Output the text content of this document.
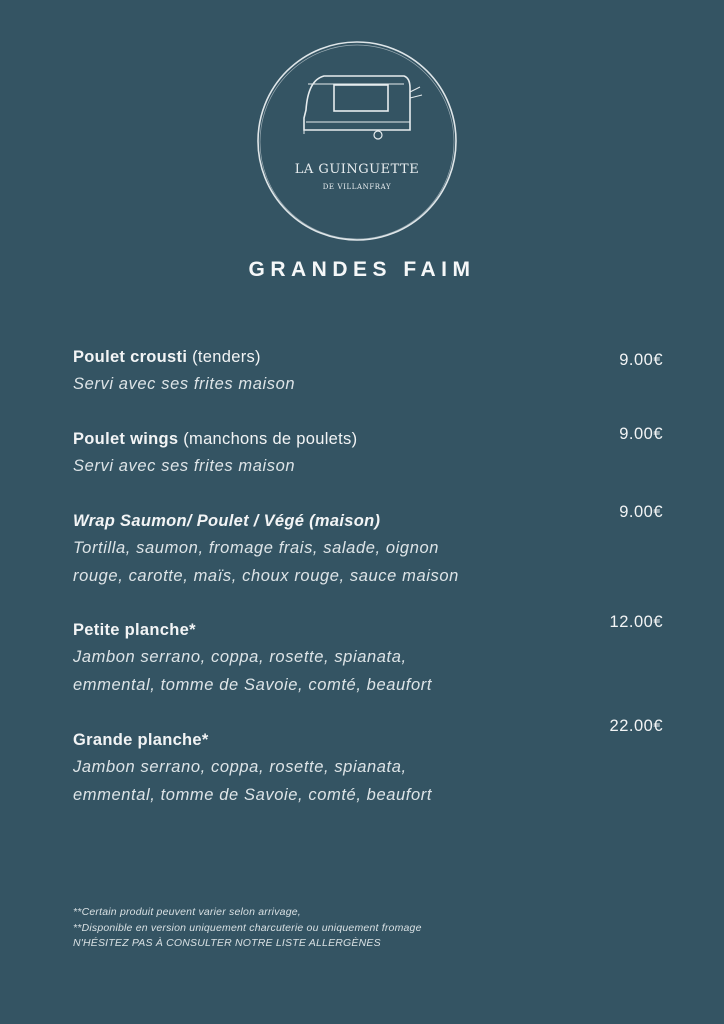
LA GUINGUETTE
DE VILLANFRAY
GRANDES FAIM
Poulet crousti (tenders)
Servi avec ses frites maison
9.00€
Poulet wings (manchons de poulets)
Servi avec ses frites maison
9.00€
Wrap Saumon/ Poulet / Végé (maison)
Tortilla, saumon, fromage frais, salade, oignon
rouge, carotte, maïs, choux rouge, sauce maison
9.00€
Petite planche*
Jambon serrano, coppa, rosette, spianata,
emmental, tomme de Savoie, comté, beaufort
12.00€
Grande planche*
Jambon serrano, coppa, rosette, spianata,
emmental, tomme de Savoie, comté, beaufort
22.00€
**Certain produit peuvent varier selon arrivage,
**Disponible en version uniquement charcuterie ou uniquement fromage
N'HÉSITEZ PAS À CONSULTER NOTRE LISTE ALLERGÈNES
